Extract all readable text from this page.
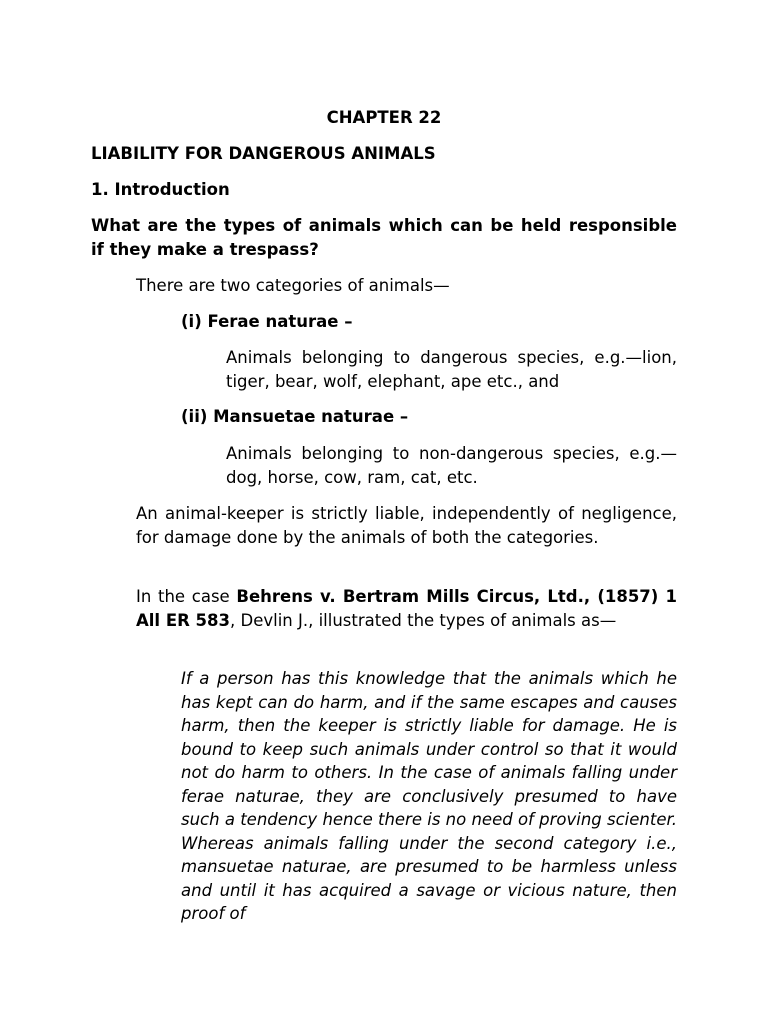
CHAPTER 22

LIABILITY FOR DANGEROUS ANIMALS

1. Introduction

What are the types of animals which can be held responsible if they make a trespass?

There are two categories of animals—

(i) Ferae naturae –

Animals belonging to dangerous species, e.g.—lion, tiger, bear, wolf, elephant, ape etc., and

(ii) Mansuetae naturae –

Animals belonging to non-dangerous species, e.g.—dog, horse, cow, ram, cat, etc.

An animal-keeper is strictly liable, independently of negligence, for damage done by the animals of both the categories.

In the case Behrens v. Bertram Mills Circus, Ltd., (1857) 1 All ER 583, Devlin J., illustrated the types of animals as—

If a person has this knowledge that the animals which he has kept can do harm, and if the same escapes and causes harm, then the keeper is strictly liable for damage. He is bound to keep such animals under control so that it would not do harm to others. In the case of animals falling under ferae naturae, they are conclusively presumed to have such a tendency hence there is no need of proving scienter. Whereas animals falling under the second category i.e., mansuetae naturae, are presumed to be harmless unless and until it has acquired a savage or vicious nature, then proof of
